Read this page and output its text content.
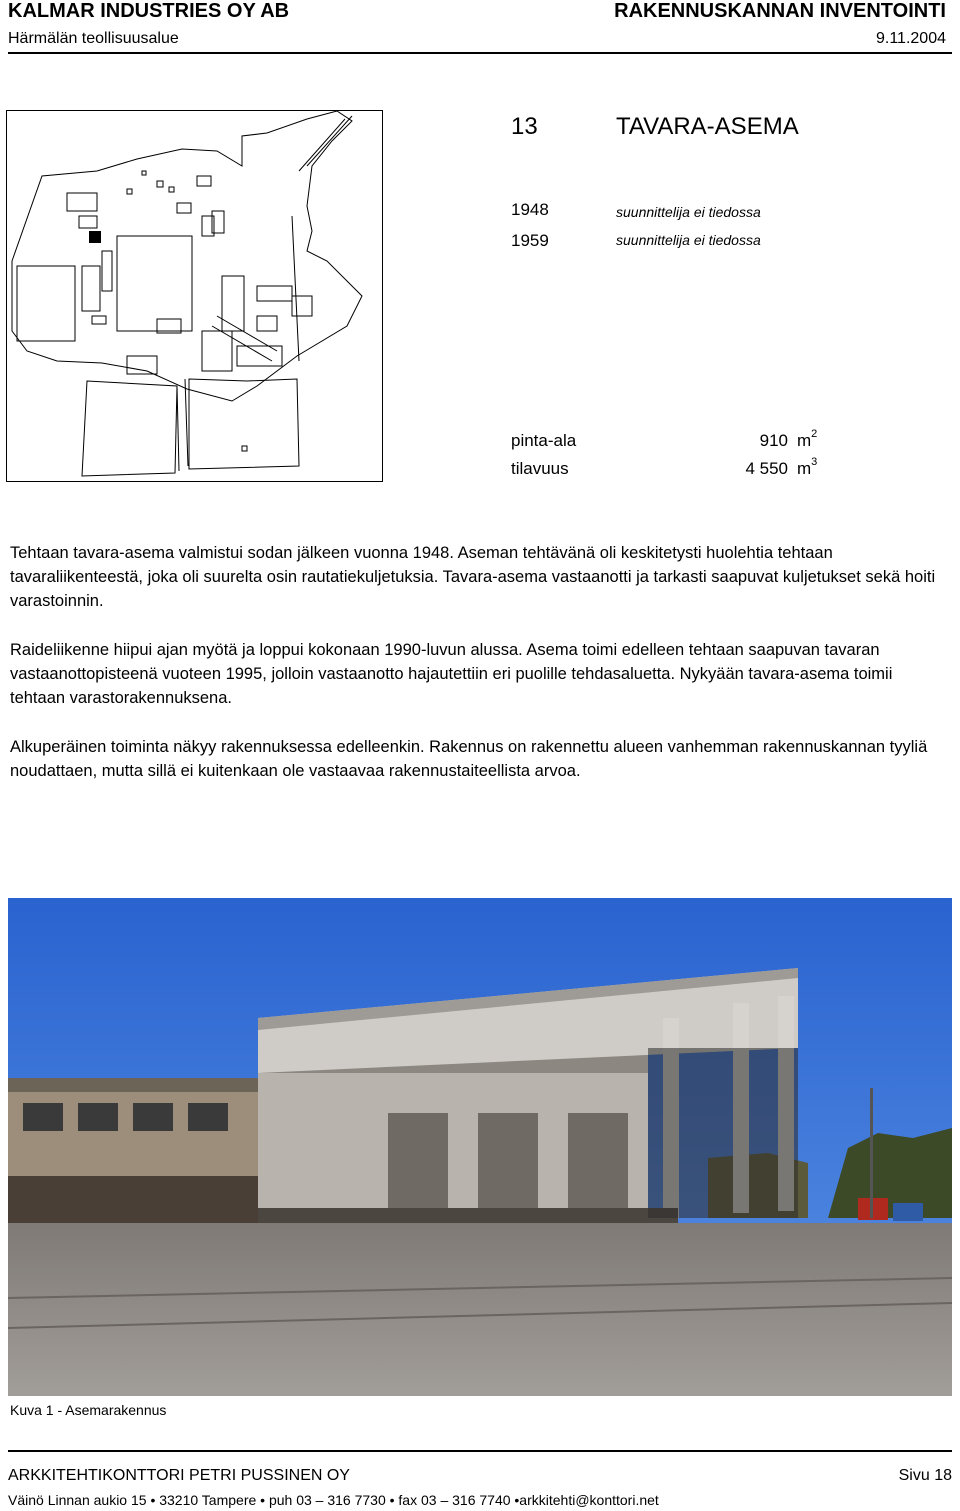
KALMAR INDUSTRIES OY AB	RAKENNUSKANNAN INVENTOINTI
Härmälän teollisuusalue	9.11.2004
13	TAVARA-ASEMA
1948	suunnittelija ei tiedossa
1959	suunnittelija ei tiedossa
pinta-ala	910 $m^2$
tilavuus	4 550 $m^3$

Tehtaan tavara-asema valmistui sodan jälkeen vuonna 1948. Aseman tehtävänä oli keskitetysti huolehtia tehtaan tavaraliikenteestä, joka oli suurelta osin rautatiekuljetuksia. Tavara-asema vastaanotti ja tarkasti saapuvat kuljetukset sekä hoiti varastoinnin.

Raideliikenne hiipui ajan myötä ja loppui kokonaan 1990-luvun alussa. Asema toimi edelleen tehtaan saapuvan tavaran vastaanottopisteenä vuoteen 1995, jolloin vastaanotto hajautettiin eri puolille tehdasaluetta. Nykyään tavara-asema toimii tehtaan varastorakennuksena.

Alkuperäinen toiminta näkyy rakennuksessa edelleenkin. Rakennus on rakennettu alueen vanhemman rakennuskannan tyyliä noudattaen, mutta sillä ei kuitenkaan ole vastaavaa rakennustaiteellista arvoa.

Kuva 1 - Asemarakennus
ARKKITEHTIKONTTORI PETRI PUSSINEN OY	Sivu 18
Väinö Linnan aukio 15 • 33210 Tampere • puh 03 – 316 7730 • fax 03 – 316 7740 •arkkitehti@konttori.net
